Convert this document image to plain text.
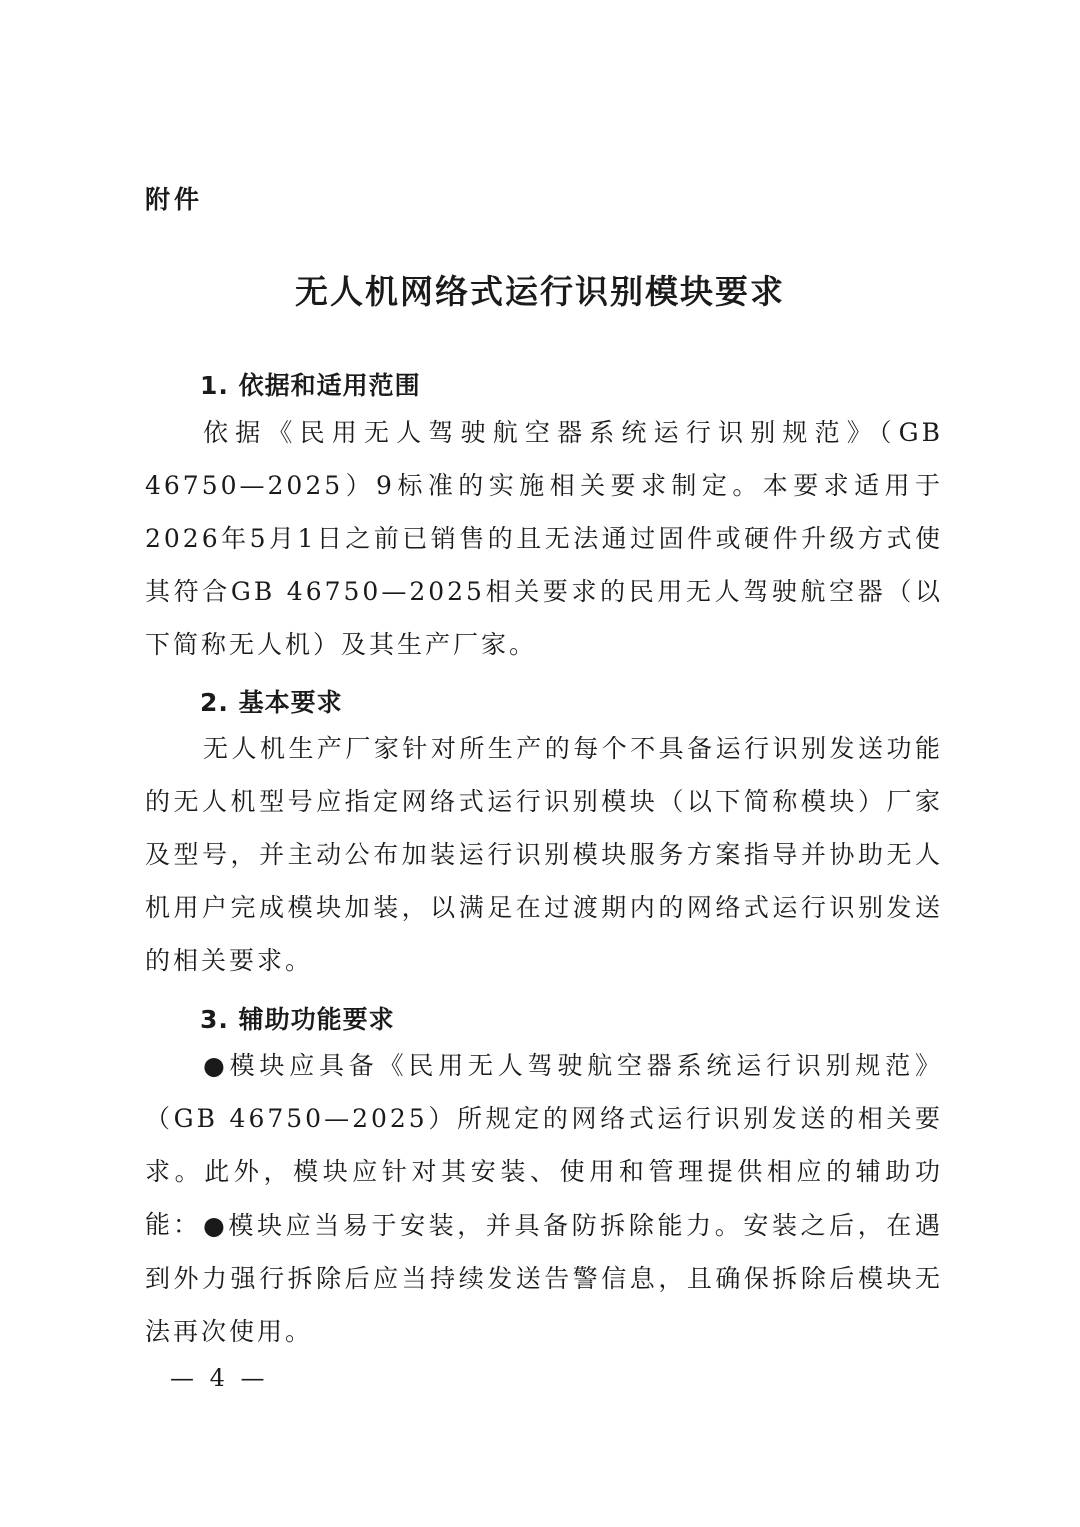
附件
无人机网络式运行识别模块要求
1. 依据和适用范围
依据《民用无人驾驶航空器系统运行识别规范》（GB 46750—2025）9标准的实施相关要求制定。本要求适用于2026年5月1日之前已销售的且无法通过固件或硬件升级方式使其符合GB 46750—2025相关要求的民用无人驾驶航空器（以下简称无人机）及其生产厂家。
2. 基本要求
无人机生产厂家针对所生产的每个不具备运行识别发送功能的无人机型号应指定网络式运行识别模块（以下简称模块）厂家及型号，并主动公布加装运行识别模块服务方案指导并协助无人机用户完成模块加装，以满足在过渡期内的网络式运行识别发送的相关要求。
3. 辅助功能要求
●模块应具备《民用无人驾驶航空器系统运行识别规范》（GB 46750—2025）所规定的网络式运行识别发送的相关要求。此外，模块应针对其安装、使用和管理提供相应的辅助功能： ●模块应当易于安装，并具备防拆除能力。安装之后，在遇到外力强行拆除后应当持续发送告警信息，且确保拆除后模块无法再次使用。
— 4 —
